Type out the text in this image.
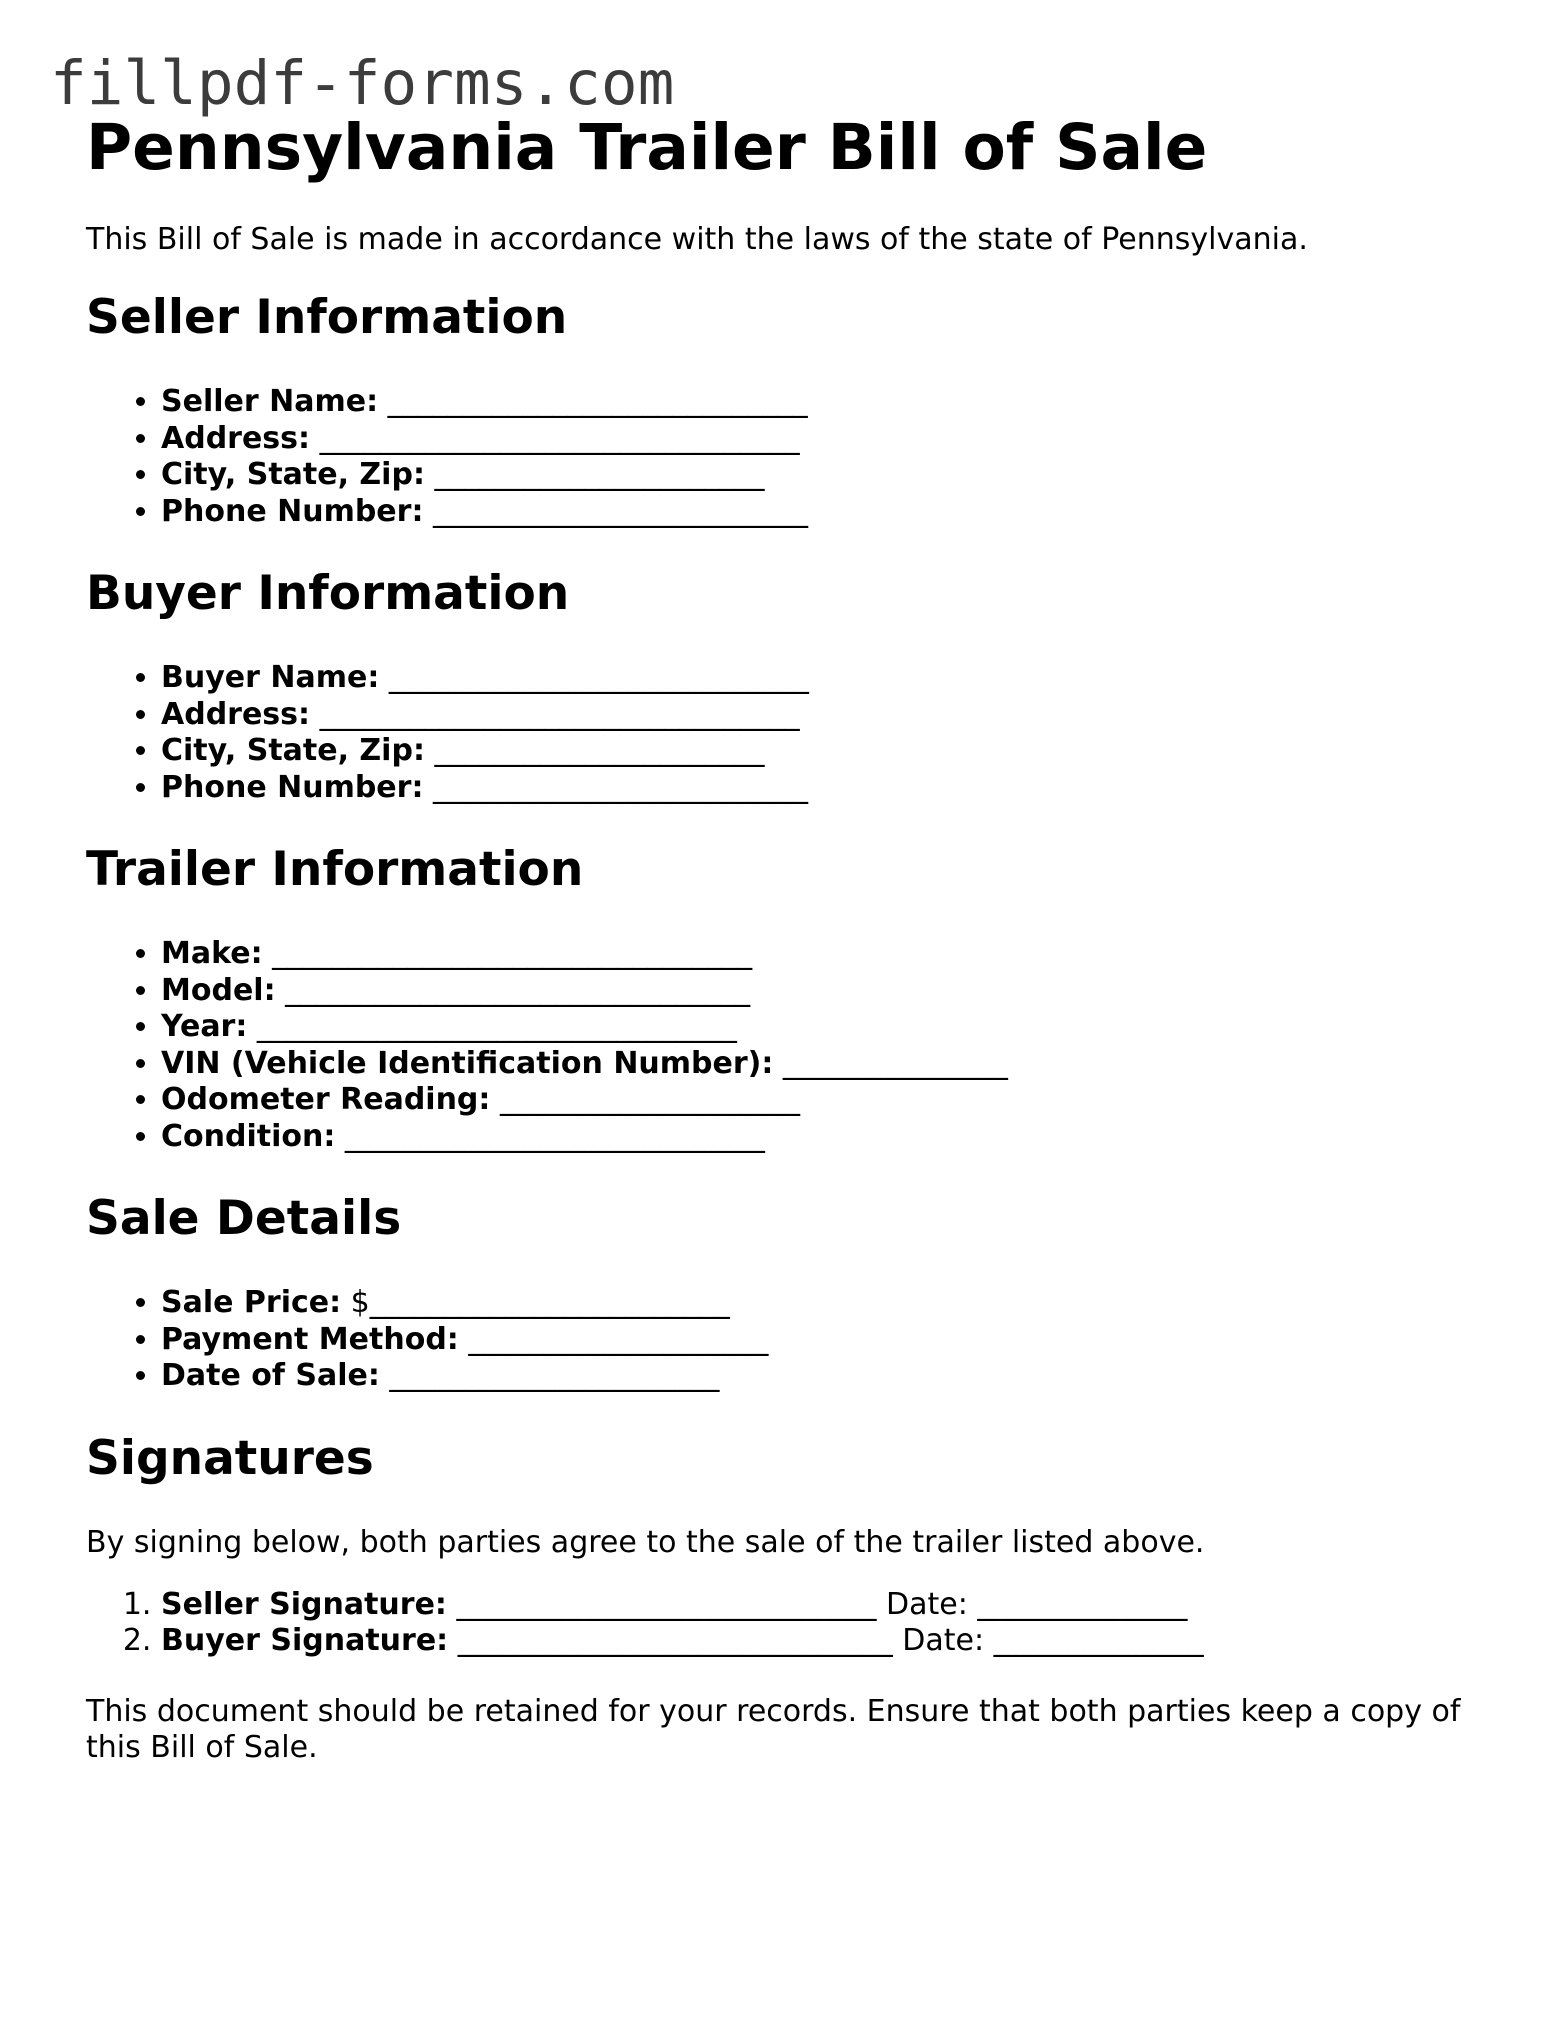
fillpdf-forms.com
Pennsylvania Trailer Bill of Sale

This Bill of Sale is made in accordance with the laws of the state of Pennsylvania.

Seller Information
• Seller Name: ____________________________
• Address: ________________________________
• City, State, Zip: ______________________
• Phone Number: _________________________
Buyer Information
• Buyer Name: ____________________________
• Address: ________________________________
• City, State, Zip: ______________________
• Phone Number: _________________________
Trailer Information
• Make: ________________________________
• Model: _______________________________
• Year: ________________________________
• VIN (Vehicle Identification Number): _______________
• Odometer Reading: ____________________
• Condition: ____________________________
Sale Details
• Sale Price: $________________________
• Payment Method: ____________________
• Date of Sale: ______________________
Signatures

By signing below, both parties agree to the sale of the trailer listed above.

1. Seller Signature: ____________________________ Date: ______________
2. Buyer Signature: _____________________________ Date: ______________

This document should be retained for your records. Ensure that both parties keep a copy of this Bill of Sale.
